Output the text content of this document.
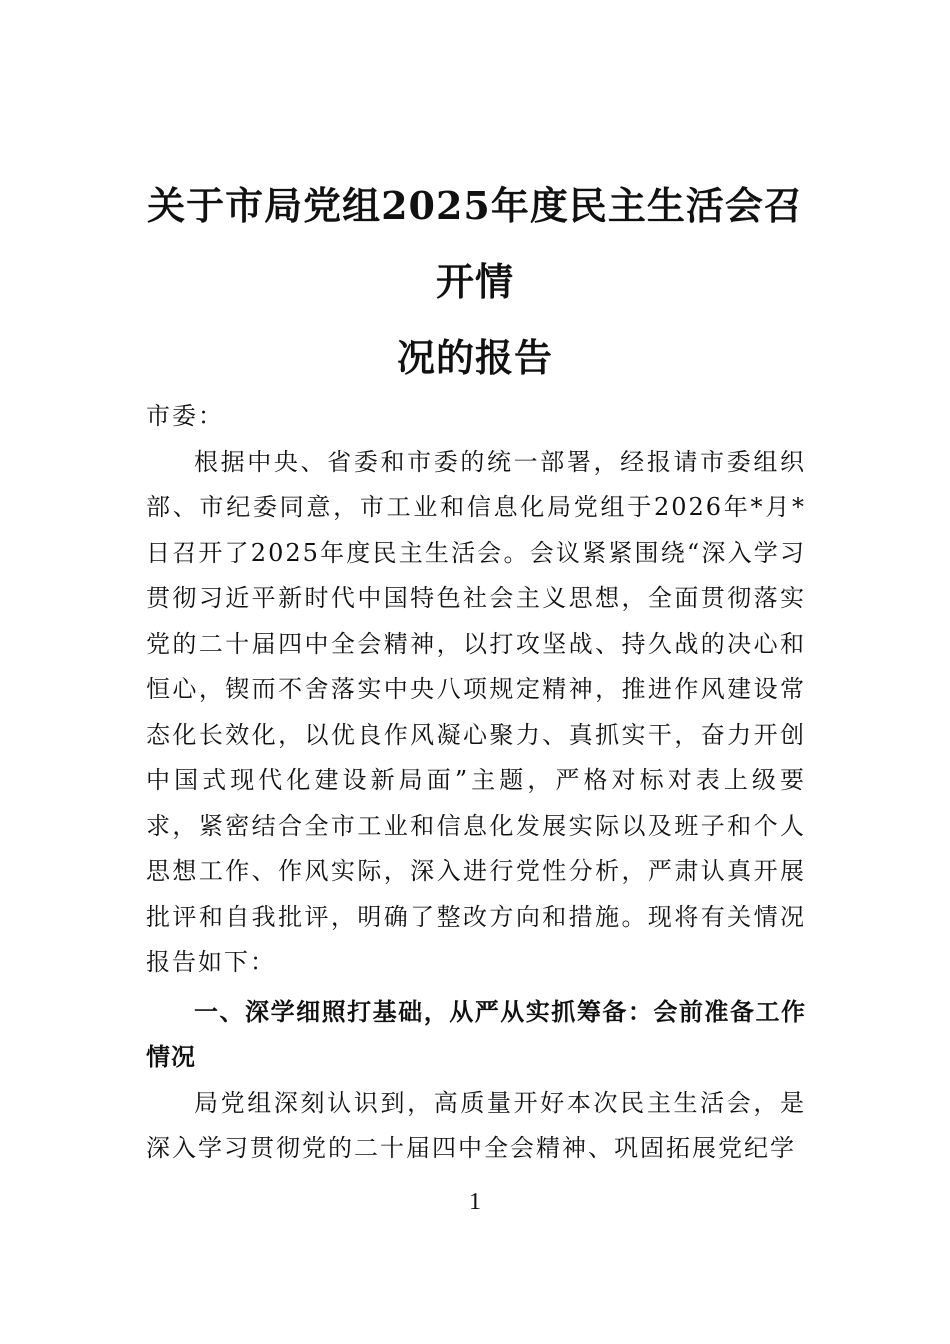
关于市局党组2025年度民主生活会召开情
况的报告

市委：

根据中央、省委和市委的统一部署，经报请市委组织部、市纪委同意，市工业和信息化局党组于2026年*月*日召开了2025年度民主生活会。会议紧紧围绕“深入学习贯彻习近平新时代中国特色社会主义思想，全面贯彻落实党的二十届四中全会精神，以打攻坚战、持久战的决心和恒心，锲而不舍落实中央八项规定精神，推进作风建设常态化长效化，以优良作风凝心聚力、真抓实干，奋力开创中国式现代化建设新局面”主题，严格对标对表上级要求，紧密结合全市工业和信息化发展实际以及班子和个人思想工作、作风实际，深入进行党性分析，严肃认真开展批评和自我批评，明确了整改方向和措施。现将有关情况报告如下：

一、深学细照打基础，从严从实抓筹备：会前准备工作情况

局党组深刻认识到，高质量开好本次民主生活会，是深入学习贯彻党的二十届四中全会精神、巩固拓展党纪学

1
